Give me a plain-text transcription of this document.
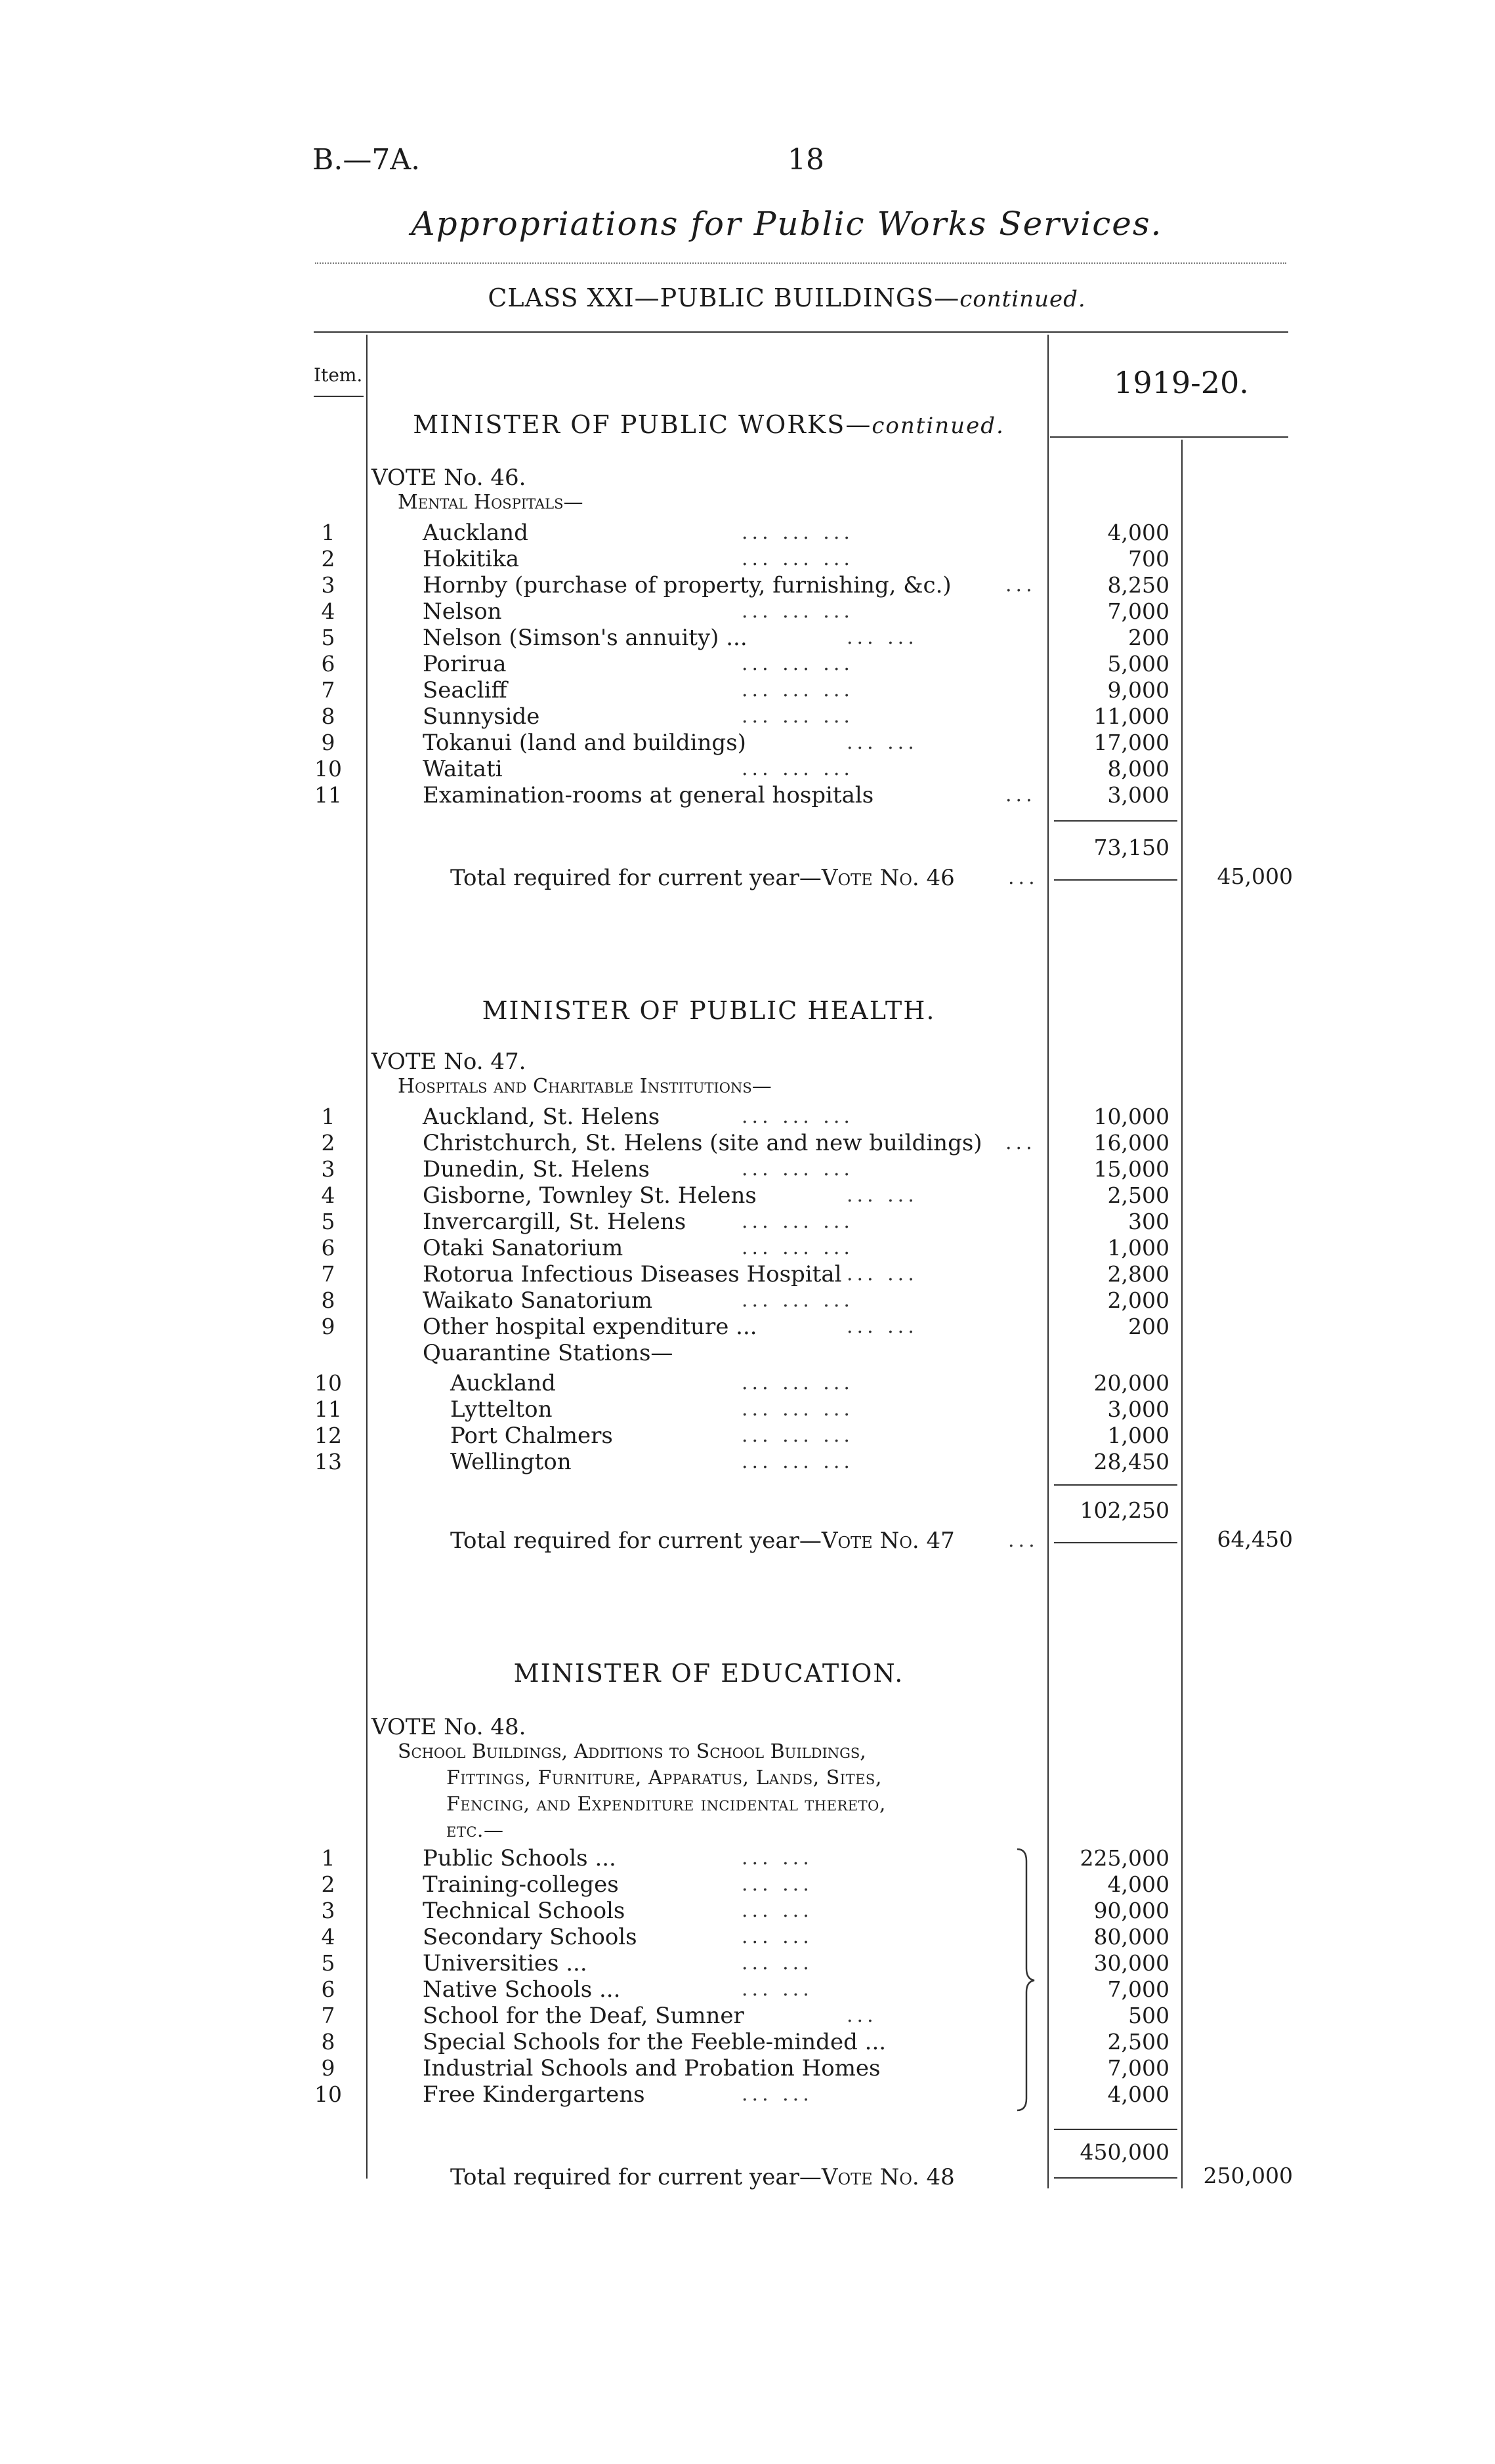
B.—7A.	18
Appropriations for Public Works Services.
CLASS XXI—PUBLIC BUILDINGS—continued.
Item.	1919-20.
MINISTER OF PUBLIC WORKS—continued.
VOTE No. 46.
Mental Hospitals—
1	Auckland	... ... ...	4,000
2	Hokitika	... ... ...	700
3	Hornby (purchase of property, furnishing, &c.)	...	8,250
4	Nelson	... ... ...	7,000
5	Nelson (Simson's annuity) ...	... ...	200
6	Porirua	... ... ...	5,000
7	Seacliff	... ... ...	9,000
8	Sunnyside	... ... ...	11,000
9	Tokanui (land and buildings)	... ...	17,000
10	Waitati	... ... ...	8,000
11	Examination-rooms at general hospitals	...	3,000
73,150
Total required for current year—Vote No. 46	...	45,000
MINISTER OF PUBLIC HEALTH.
VOTE No. 47.
Hospitals and Charitable Institutions—
1	Auckland, St. Helens	... ... ...	10,000
2	Christchurch, St. Helens (site and new buildings) ...	16,000
3	Dunedin, St. Helens	... ... ...	15,000
4	Gisborne, Townley St. Helens	... ...	2,500
5	Invercargill, St. Helens	... ... ...	300
6	Otaki Sanatorium	... ... ...	1,000
7	Rotorua Infectious Diseases Hospital ... ...	2,800
8	Waikato Sanatorium	... ... ...	2,000
9	Other hospital expenditure ...	... ...	200
Quarantine Stations—
10	Auckland	... ... ...	20,000
11	Lyttelton	... ... ...	3,000
12	Port Chalmers	... ... ...	1,000
13	Wellington	... ... ...	28,450
102,250
Total required for current year—Vote No. 47	...	64,450
MINISTER OF EDUCATION.
VOTE No. 48.
School Buildings, Additions to School Buildings,
Fittings, Furniture, Apparatus, Lands, Sites,
Fencing, and Expenditure incidental thereto,
etc.—
1	Public Schools ...	... ...	225,000
2	Training-colleges	... ...	4,000
3	Technical Schools	... ...	90,000
4	Secondary Schools	... ...	80,000
5	Universities ...	... ...	30,000
6	Native Schools ...	... ...	7,000
7	School for the Deaf, Sumner	...	500
8	Special Schools for the Feeble-minded ...	2,500
9	Industrial Schools and Probation Homes	7,000
10	Free Kindergartens	... ...	4,000
450,000
Total required for current year—Vote No. 48	250,000
